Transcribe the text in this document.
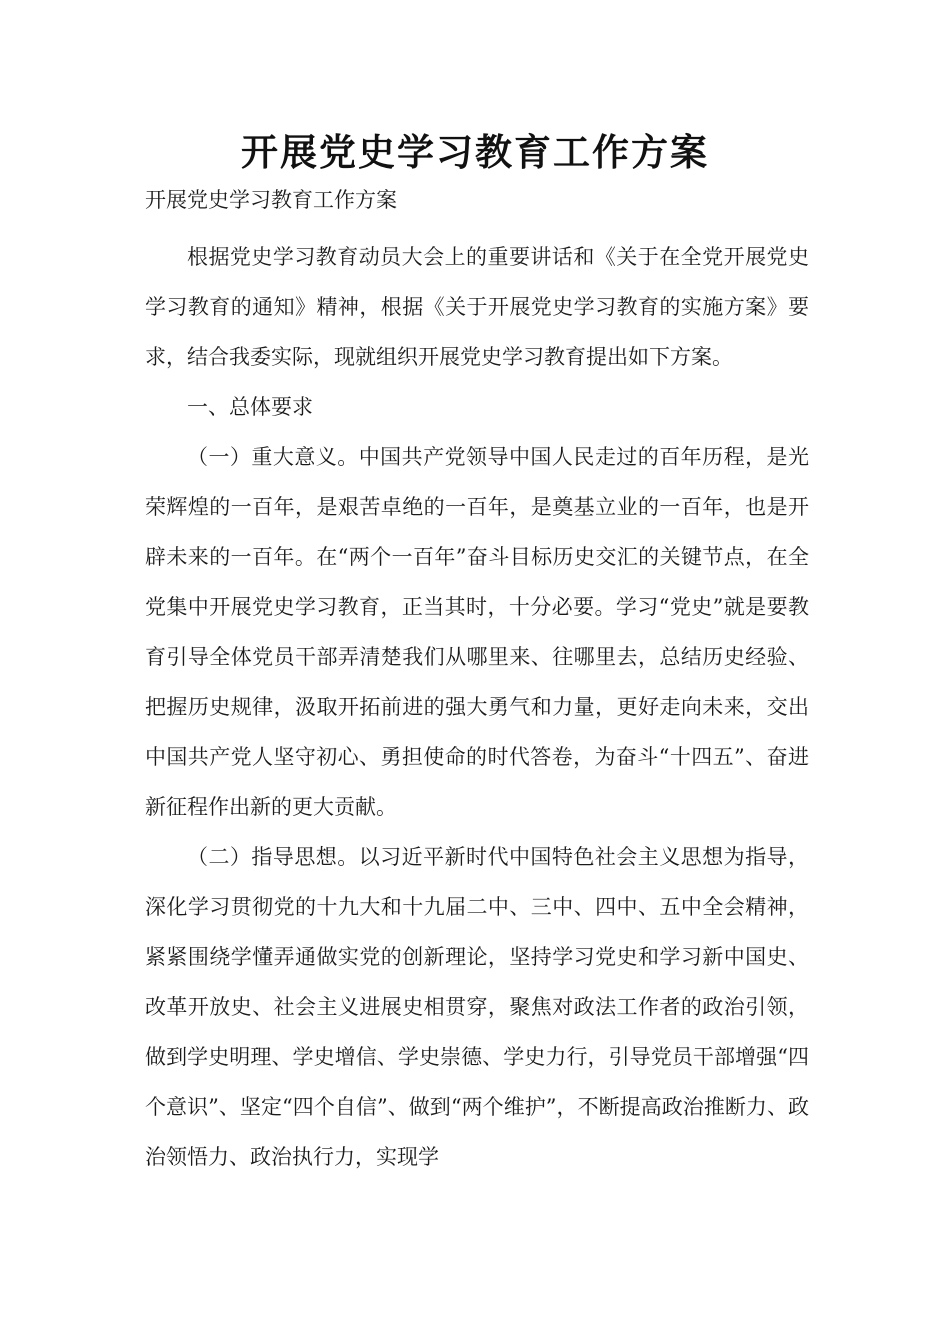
开展党史学习教育工作方案

开展党史学习教育工作方案

根据党史学习教育动员大会上的重要讲话和《关于在全党开展党史学习教育的通知》精神，根据《关于开展党史学习教育的实施方案》要求，结合我委实际，现就组织开展党史学习教育提出如下方案。

一、总体要求

（一）重大意义。中国共产党领导中国人民走过的百年历程，是光荣辉煌的一百年，是艰苦卓绝的一百年，是奠基立业的一百年，也是开辟未来的一百年。在“两个一百年”奋斗目标历史交汇的关键节点，在全党集中开展党史学习教育，正当其时，十分必要。学习“党史”就是要教育引导全体党员干部弄清楚我们从哪里来、往哪里去，总结历史经验、把握历史规律，汲取开拓前进的强大勇气和力量，更好走向未来，交出中国共产党人坚守初心、勇担使命的时代答卷，为奋斗“十四五”、奋进新征程作出新的更大贡献。

（二）指导思想。以习近平新时代中国特色社会主义思想为指导，深化学习贯彻党的十九大和十九届二中、三中、四中、五中全会精神，紧紧围绕学懂弄通做实党的创新理论，坚持学习党史和学习新中国史、改革开放史、社会主义进展史相贯穿，聚焦对政法工作者的政治引领，做到学史明理、学史增信、学史崇德、学史力行，引导党员干部增强“四个意识”、坚定“四个自信”、做到“两个维护”，不断提高政治推断力、政治领悟力、政治执行力，实现学
